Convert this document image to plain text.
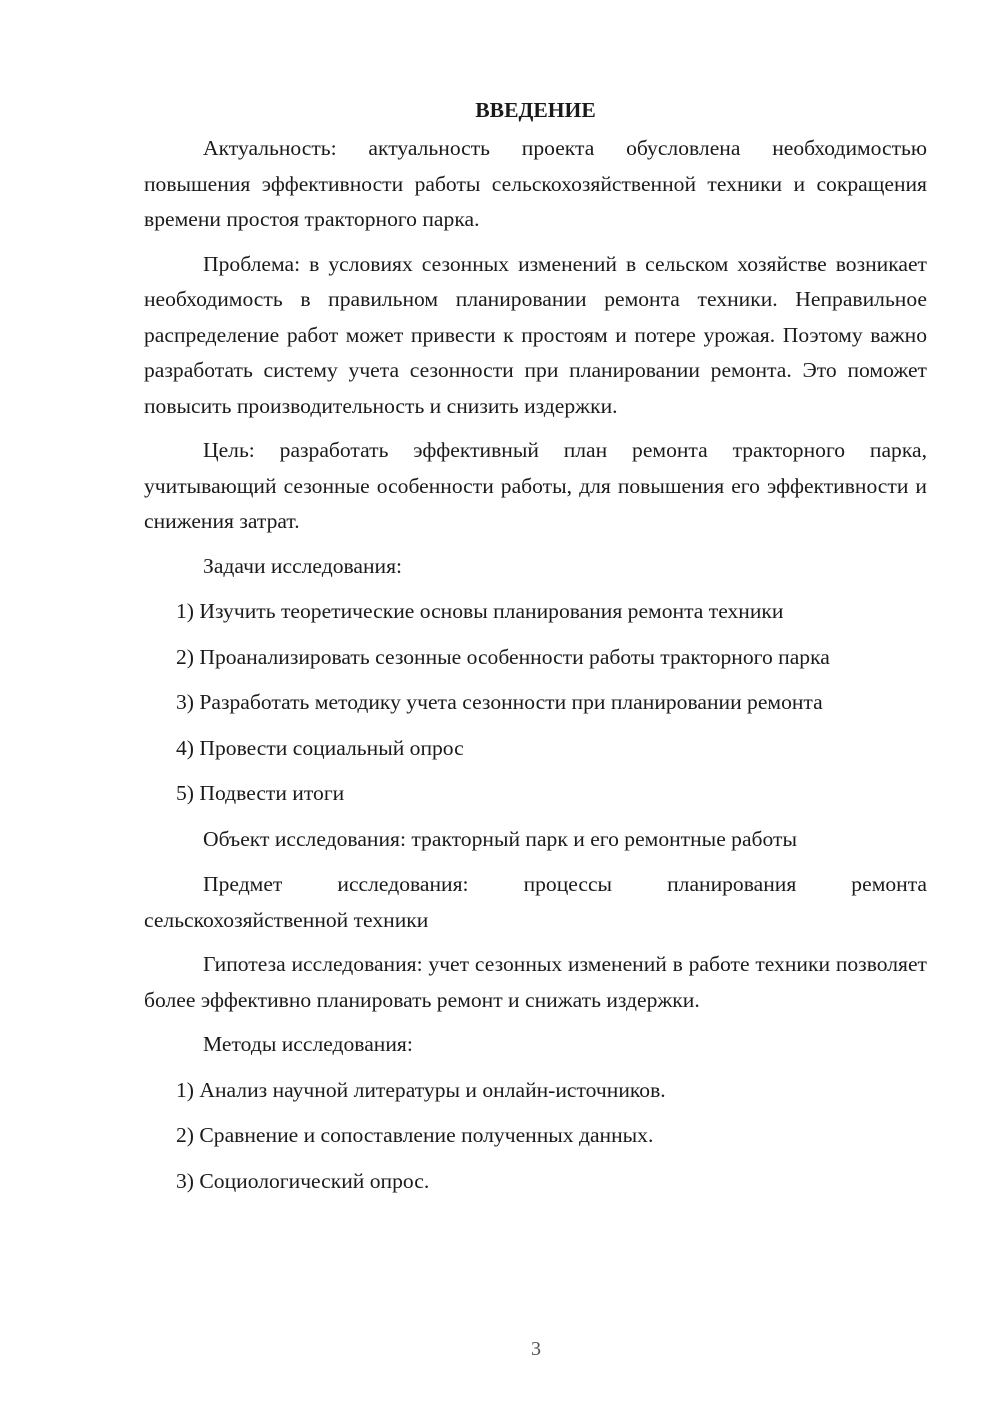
ВВЕДЕНИЕ

Актуальность: актуальность проекта обусловлена необходимостью повышения эффективности работы сельскохозяйственной техники и сокращения времени простоя тракторного парка.

Проблема: в условиях сезонных изменений в сельском хозяйстве возникает необходимость в правильном планировании ремонта техники. Неправильное распределение работ может привести к простоям и потере урожая. Поэтому важно разработать систему учета сезонности при планировании ремонта. Это поможет повысить производительность и снизить издержки.

Цель: разработать эффективный план ремонта тракторного парка, учитывающий сезонные особенности работы, для повышения его эффективности и снижения затрат.

Задачи исследования:

1) Изучить теоретические основы планирования ремонта техники

2) Проанализировать сезонные особенности работы тракторного парка

3) Разработать методику учета сезонности при планировании ремонта

4) Провести социальный опрос

5) Подвести итоги

Объект исследования: тракторный парк и его ремонтные работы

Предмет исследования: процессы планирования ремонта сельскохозяйственной техники

Гипотеза исследования: учет сезонных изменений в работе техники позволяет более эффективно планировать ремонт и снижать издержки.

Методы исследования:

1) Анализ научной литературы и онлайн-источников.

2) Сравнение и сопоставление полученных данных.

3) Социологический опрос.

3
